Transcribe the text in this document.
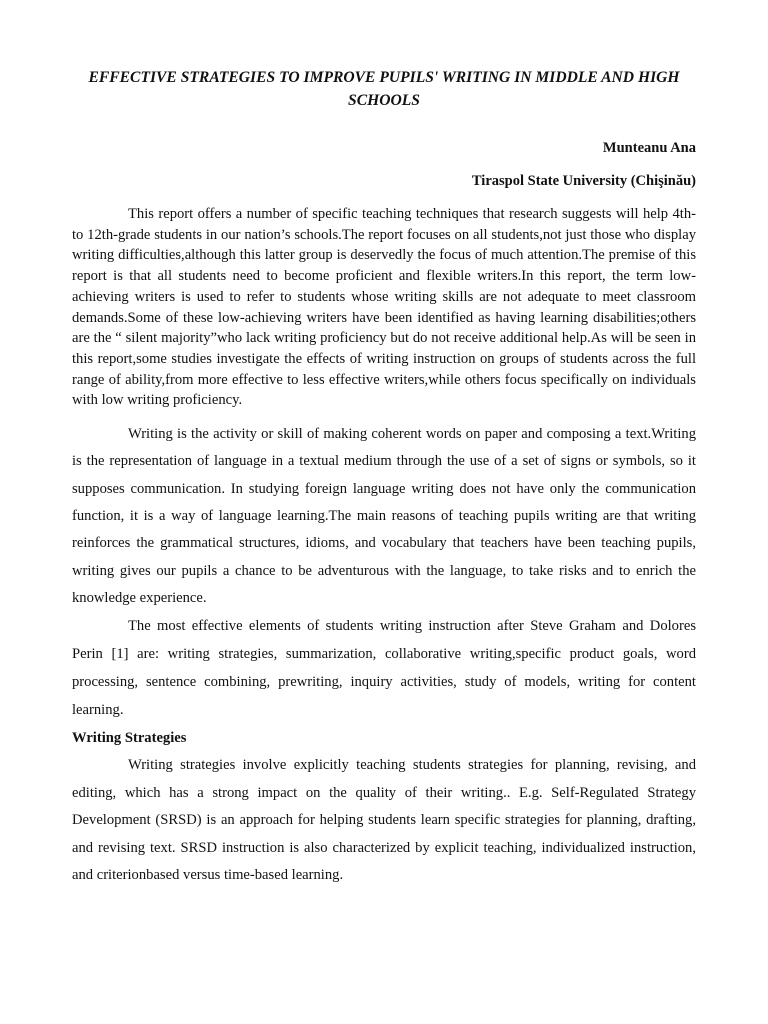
EFFECTIVE STRATEGIES TO IMPROVE PUPILS' WRITING IN MIDDLE AND HIGH SCHOOLS

Munteanu Ana

Tiraspol State University (Chişinău)

This report offers a number of specific teaching techniques that research suggests will help 4th- to 12th-grade students in our nation’s schools.The report focuses on all students,not just those who display writing difficulties,although this latter group is deservedly the focus of much attention.The premise of this report is that all students need to become proficient and flexible writers.In this report, the term low-achieving writers is used to refer to students whose writing skills are not adequate to meet classroom demands.Some of these low-achieving writers have been identified as having learning disabilities;others are the “ silent majority”who lack writing proficiency but do not receive additional help.As will be seen in this report,some studies investigate the effects of writing instruction on groups of students across the full range of ability,from more effective to less effective writers,while others focus specifically on individuals with low writing proficiency.

Writing is the activity or skill of making coherent words on paper and composing a text.Writing is the representation of language in a textual medium through the use of a set of signs or symbols, so it supposes communication. In studying foreign language writing does not have only the communication function, it is a way of language learning.The main reasons of teaching pupils writing are that writing reinforces the grammatical structures, idioms, and vocabulary that teachers have been teaching pupils, writing gives our pupils a chance to be adventurous with the language, to take risks and to enrich the knowledge experience.

The most effective elements of students writing instruction after Steve Graham and Dolores Perin [1] are: writing strategies, summarization, collaborative writing,specific product goals, word processing, sentence combining, prewriting, inquiry activities, study of models, writing for content learning.

Writing Strategies

Writing strategies involve explicitly teaching students strategies for planning, revising, and editing, which has a strong impact on the quality of their writing.. E.g. Self-Regulated Strategy Development (SRSD) is an approach for helping students learn specific strategies for planning, drafting, and revising text. SRSD instruction is also characterized by explicit teaching, individualized instruction, and criterionbased versus time-based learning.
